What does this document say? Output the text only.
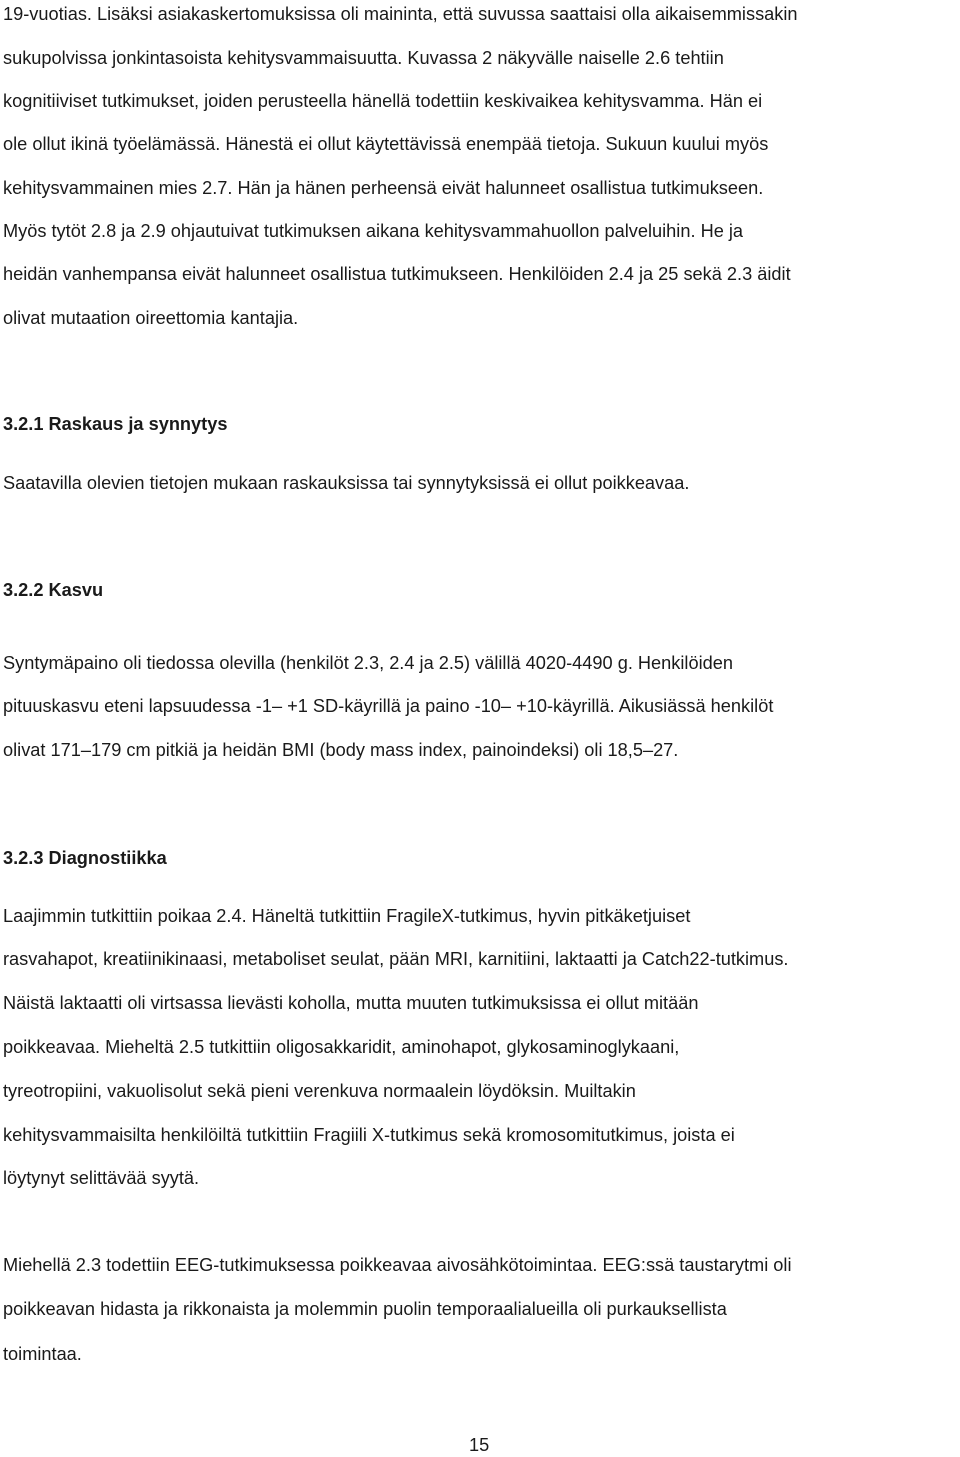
19-vuotias. Lisäksi asiakaskertomuksissa oli maininta, että suvussa saattaisi olla aikaisemmissakin
sukupolvissa jonkintasoista kehitysvammaisuutta. Kuvassa 2 näkyvälle naiselle 2.6 tehtiin
kognitiiviset tutkimukset, joiden perusteella hänellä todettiin keskivaikea kehitysvamma. Hän ei
ole ollut ikinä työelämässä. Hänestä ei ollut käytettävissä enempää tietoja. Sukuun kuului myös
kehitysvammainen mies 2.7. Hän ja hänen perheensä eivät halunneet osallistua tutkimukseen.
Myös tytöt 2.8 ja 2.9 ohjautuivat tutkimuksen aikana kehitysvammahuollon palveluihin. He ja
heidän vanhempansa eivät halunneet osallistua tutkimukseen. Henkilöiden 2.4 ja 25 sekä 2.3 äidit
olivat mutaation oireettomia kantajia.
3.2.1 Raskaus ja synnytys
Saatavilla olevien tietojen mukaan raskauksissa tai synnytyksissä ei ollut poikkeavaa.
3.2.2 Kasvu
Syntymäpaino oli tiedossa olevilla (henkilöt 2.3, 2.4 ja 2.5) välillä 4020-4490 g. Henkilöiden
pituuskasvu eteni lapsuudessa -1– +1 SD-käyrillä ja paino -10– +10-käyrillä. Aikusiässä henkilöt
olivat 171–179 cm pitkiä ja heidän BMI (body mass index, painoindeksi) oli 18,5–27.
3.2.3 Diagnostiikka
Laajimmin tutkittiin poikaa 2.4. Häneltä tutkittiin FragileX-tutkimus, hyvin pitkäketjuiset
rasvahapot, kreatiinikinaasi, metaboliset seulat, pään MRI, karnitiini, laktaatti ja Catch22-tutkimus.
Näistä laktaatti oli virtsassa lievästi koholla, mutta muuten tutkimuksissa ei ollut mitään
poikkeavaa. Mieheltä 2.5 tutkittiin oligosakkaridit, aminohapot, glykosaminoglykaani,
tyreotropiini, vakuolisolut sekä pieni verenkuva normaalein löydöksin. Muiltakin
kehitysvammaisilta henkilöiltä tutkittiin Fragiili X-tutkimus sekä kromosomitutkimus, joista ei
löytynyt selittävää syytä.
Miehellä 2.3 todettiin EEG-tutkimuksessa poikkeavaa aivosähkötoimintaa. EEG:ssä taustarytmi oli
poikkeavan hidasta ja rikkonaista ja molemmin puolin temporaalialueilla oli purkauksellista
toimintaa.
15
